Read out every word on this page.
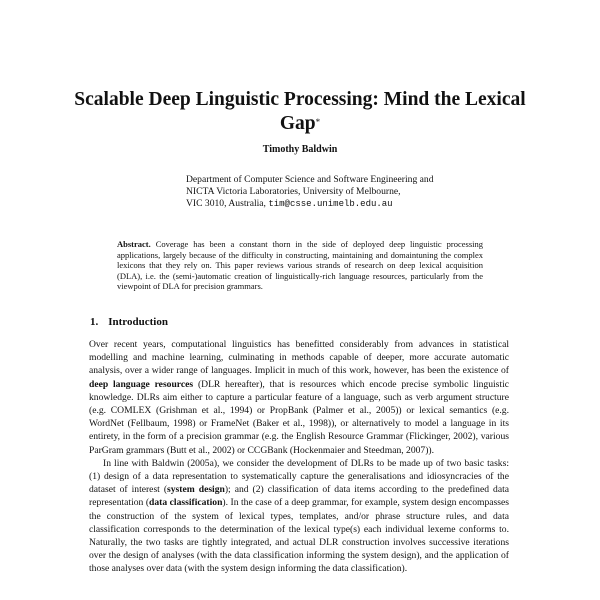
Scalable Deep Linguistic Processing: Mind the Lexical Gap*
Timothy Baldwin
Department of Computer Science and Software Engineering and
NICTA Victoria Laboratories, University of Melbourne,
VIC 3010, Australia, tim@csse.unimelb.edu.au
Abstract. Coverage has been a constant thorn in the side of deployed deep linguistic processing applications, largely because of the difficulty in constructing, maintaining and domaintuning the complex lexicons that they rely on. This paper reviews various strands of research on deep lexical acquisition (DLA), i.e. the (semi-)automatic creation of linguistically-rich language resources, particularly from the viewpoint of DLA for precision grammars.
1. Introduction

Over recent years, computational linguistics has benefitted considerably from advances in statistical modelling and machine learning, culminating in methods capable of deeper, more accurate automatic analysis, over a wider range of languages. Implicit in much of this work, however, has been the existence of deep language resources (DLR hereafter), that is resources which encode precise symbolic linguistic knowledge. DLRs aim either to capture a particular feature of a language, such as verb argument structure (e.g. COMLEX (Grishman et al., 1994) or PropBank (Palmer et al., 2005)) or lexical semantics (e.g. WordNet (Fellbaum, 1998) or FrameNet (Baker et al., 1998)), or alternatively to model a language in its entirety, in the form of a precision grammar (e.g. the English Resource Grammar (Flickinger, 2002), various ParGram grammars (Butt et al., 2002) or CCGBank (Hockenmaier and Steedman, 2007)).

In line with Baldwin (2005a), we consider the development of DLRs to be made up of two basic tasks: (1) design of a data representation to systematically capture the generalisations and idiosyncracies of the dataset of interest (system design); and (2) classification of data items according to the predefined data representation (data classification). In the case of a deep grammar, for example, system design encompasses the construction of the system of lexical types, templates, and/or phrase structure rules, and data classification corresponds to the determination of the lexical type(s) each individual lexeme conforms to. Naturally, the two tasks are tightly integrated, and actual DLR construction involves successive iterations over the design of analyses (with the data classification informing the system design), and the application of those analyses over data (with the system design informing the data classification).
